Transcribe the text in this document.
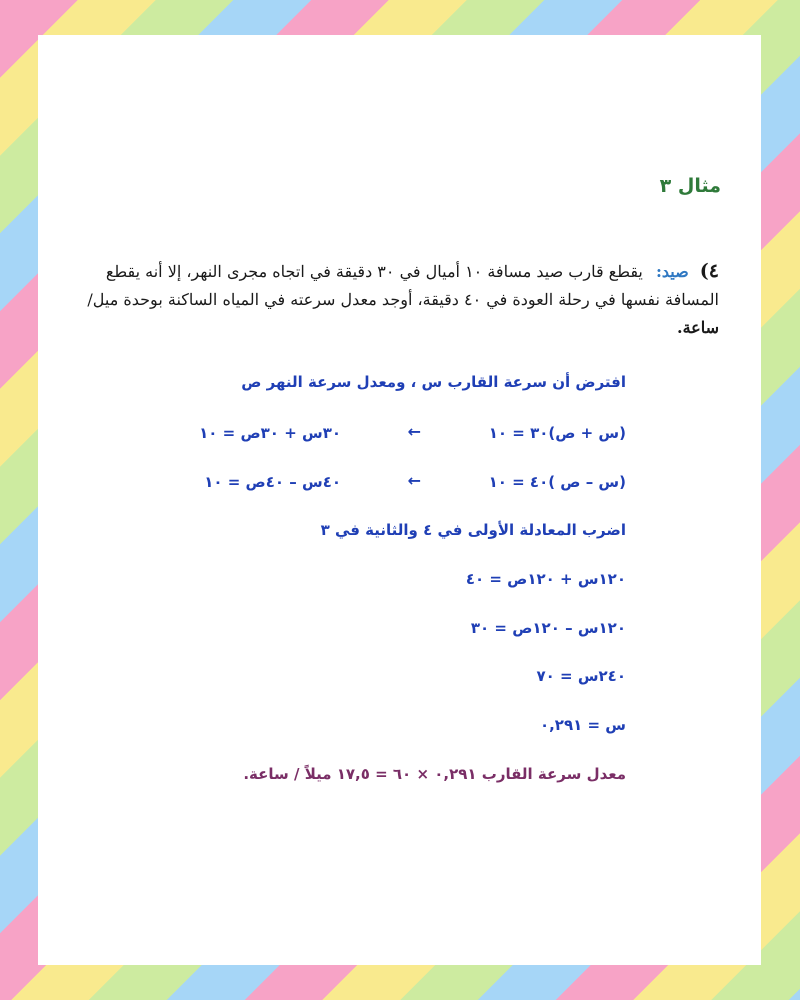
مثال ٣
٤) صيد: يقطع قارب صيد مسافة ١٠ أميال في ٣٠ دقيقة في اتجاه مجرى النهر، إلا أنه يقطع المسافة نفسها في رحلة العودة في ٤٠ دقيقة، أوجد معدل سرعته في المياه الساكنة بوحدة ميل/ ساعة.
افترض أن سرعة القارب س ، ومعدل سرعة النهر ص
(س + ص)٣٠ = ١٠
←
٣٠س + ٣٠ص = ١٠
(س – ص )٤٠ = ١٠
←
٤٠س – ٤٠ص = ١٠
اضرب المعادلة الأولى في ٤ والثانية في ٣
١٢٠س + ١٢٠ص = ٤٠
١٢٠س – ١٢٠ص = ٣٠
٢٤٠س = ٧٠
س = ٠,٢٩١
معدل سرعة القارب ٠,٢٩١ × ٦٠ = ١٧,٥ ميلاً / ساعة.
